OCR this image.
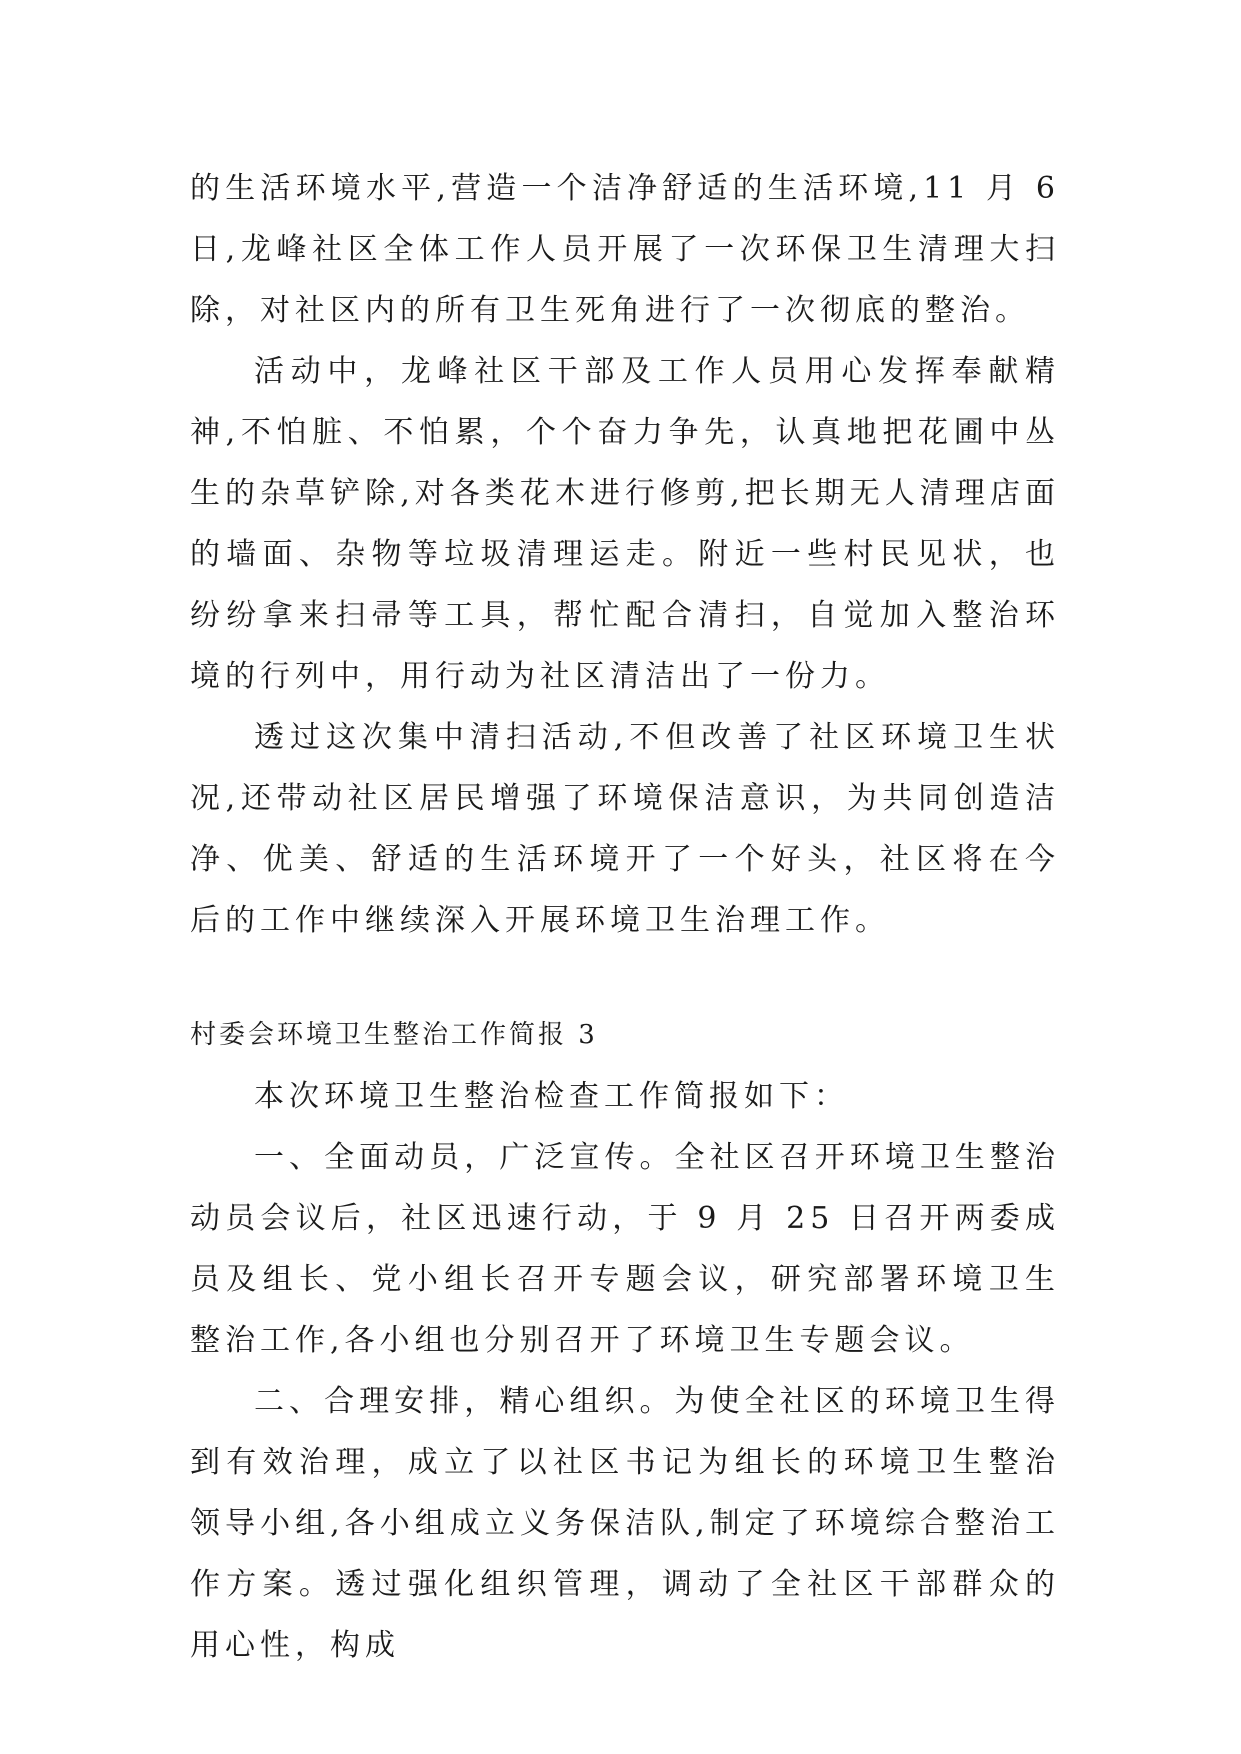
的生活环境水平,营造一个洁净舒适的生活环境,11 月 6 日,龙峰社区全体工作人员开展了一次环保卫生清理大扫除，对社区内的所有卫生死角进行了一次彻底的整治。

活动中，龙峰社区干部及工作人员用心发挥奉献精神,不怕脏、不怕累，个个奋力争先，认真地把花圃中丛生的杂草铲除,对各类花木进行修剪,把长期无人清理店面的墙面、杂物等垃圾清理运走。附近一些村民见状，也纷纷拿来扫帚等工具，帮忙配合清扫，自觉加入整治环境的行列中，用行动为社区清洁出了一份力。

透过这次集中清扫活动,不但改善了社区环境卫生状况,还带动社区居民增强了环境保洁意识，为共同创造洁净、优美、舒适的生活环境开了一个好头，社区将在今后的工作中继续深入开展环境卫生治理工作。

村委会环境卫生整治工作简报 3

本次环境卫生整治检查工作简报如下：

一、全面动员，广泛宣传。全社区召开环境卫生整治动员会议后，社区迅速行动，于 9 月 25 日召开两委成员及组长、党小组长召开专题会议，研究部署环境卫生整治工作,各小组也分别召开了环境卫生专题会议。

二、合理安排，精心组织。为使全社区的环境卫生得到有效治理，成立了以社区书记为组长的环境卫生整治领导小组,各小组成立义务保洁队,制定了环境综合整治工作方案。透过强化组织管理，调动了全社区干部群众的用心性，构成
